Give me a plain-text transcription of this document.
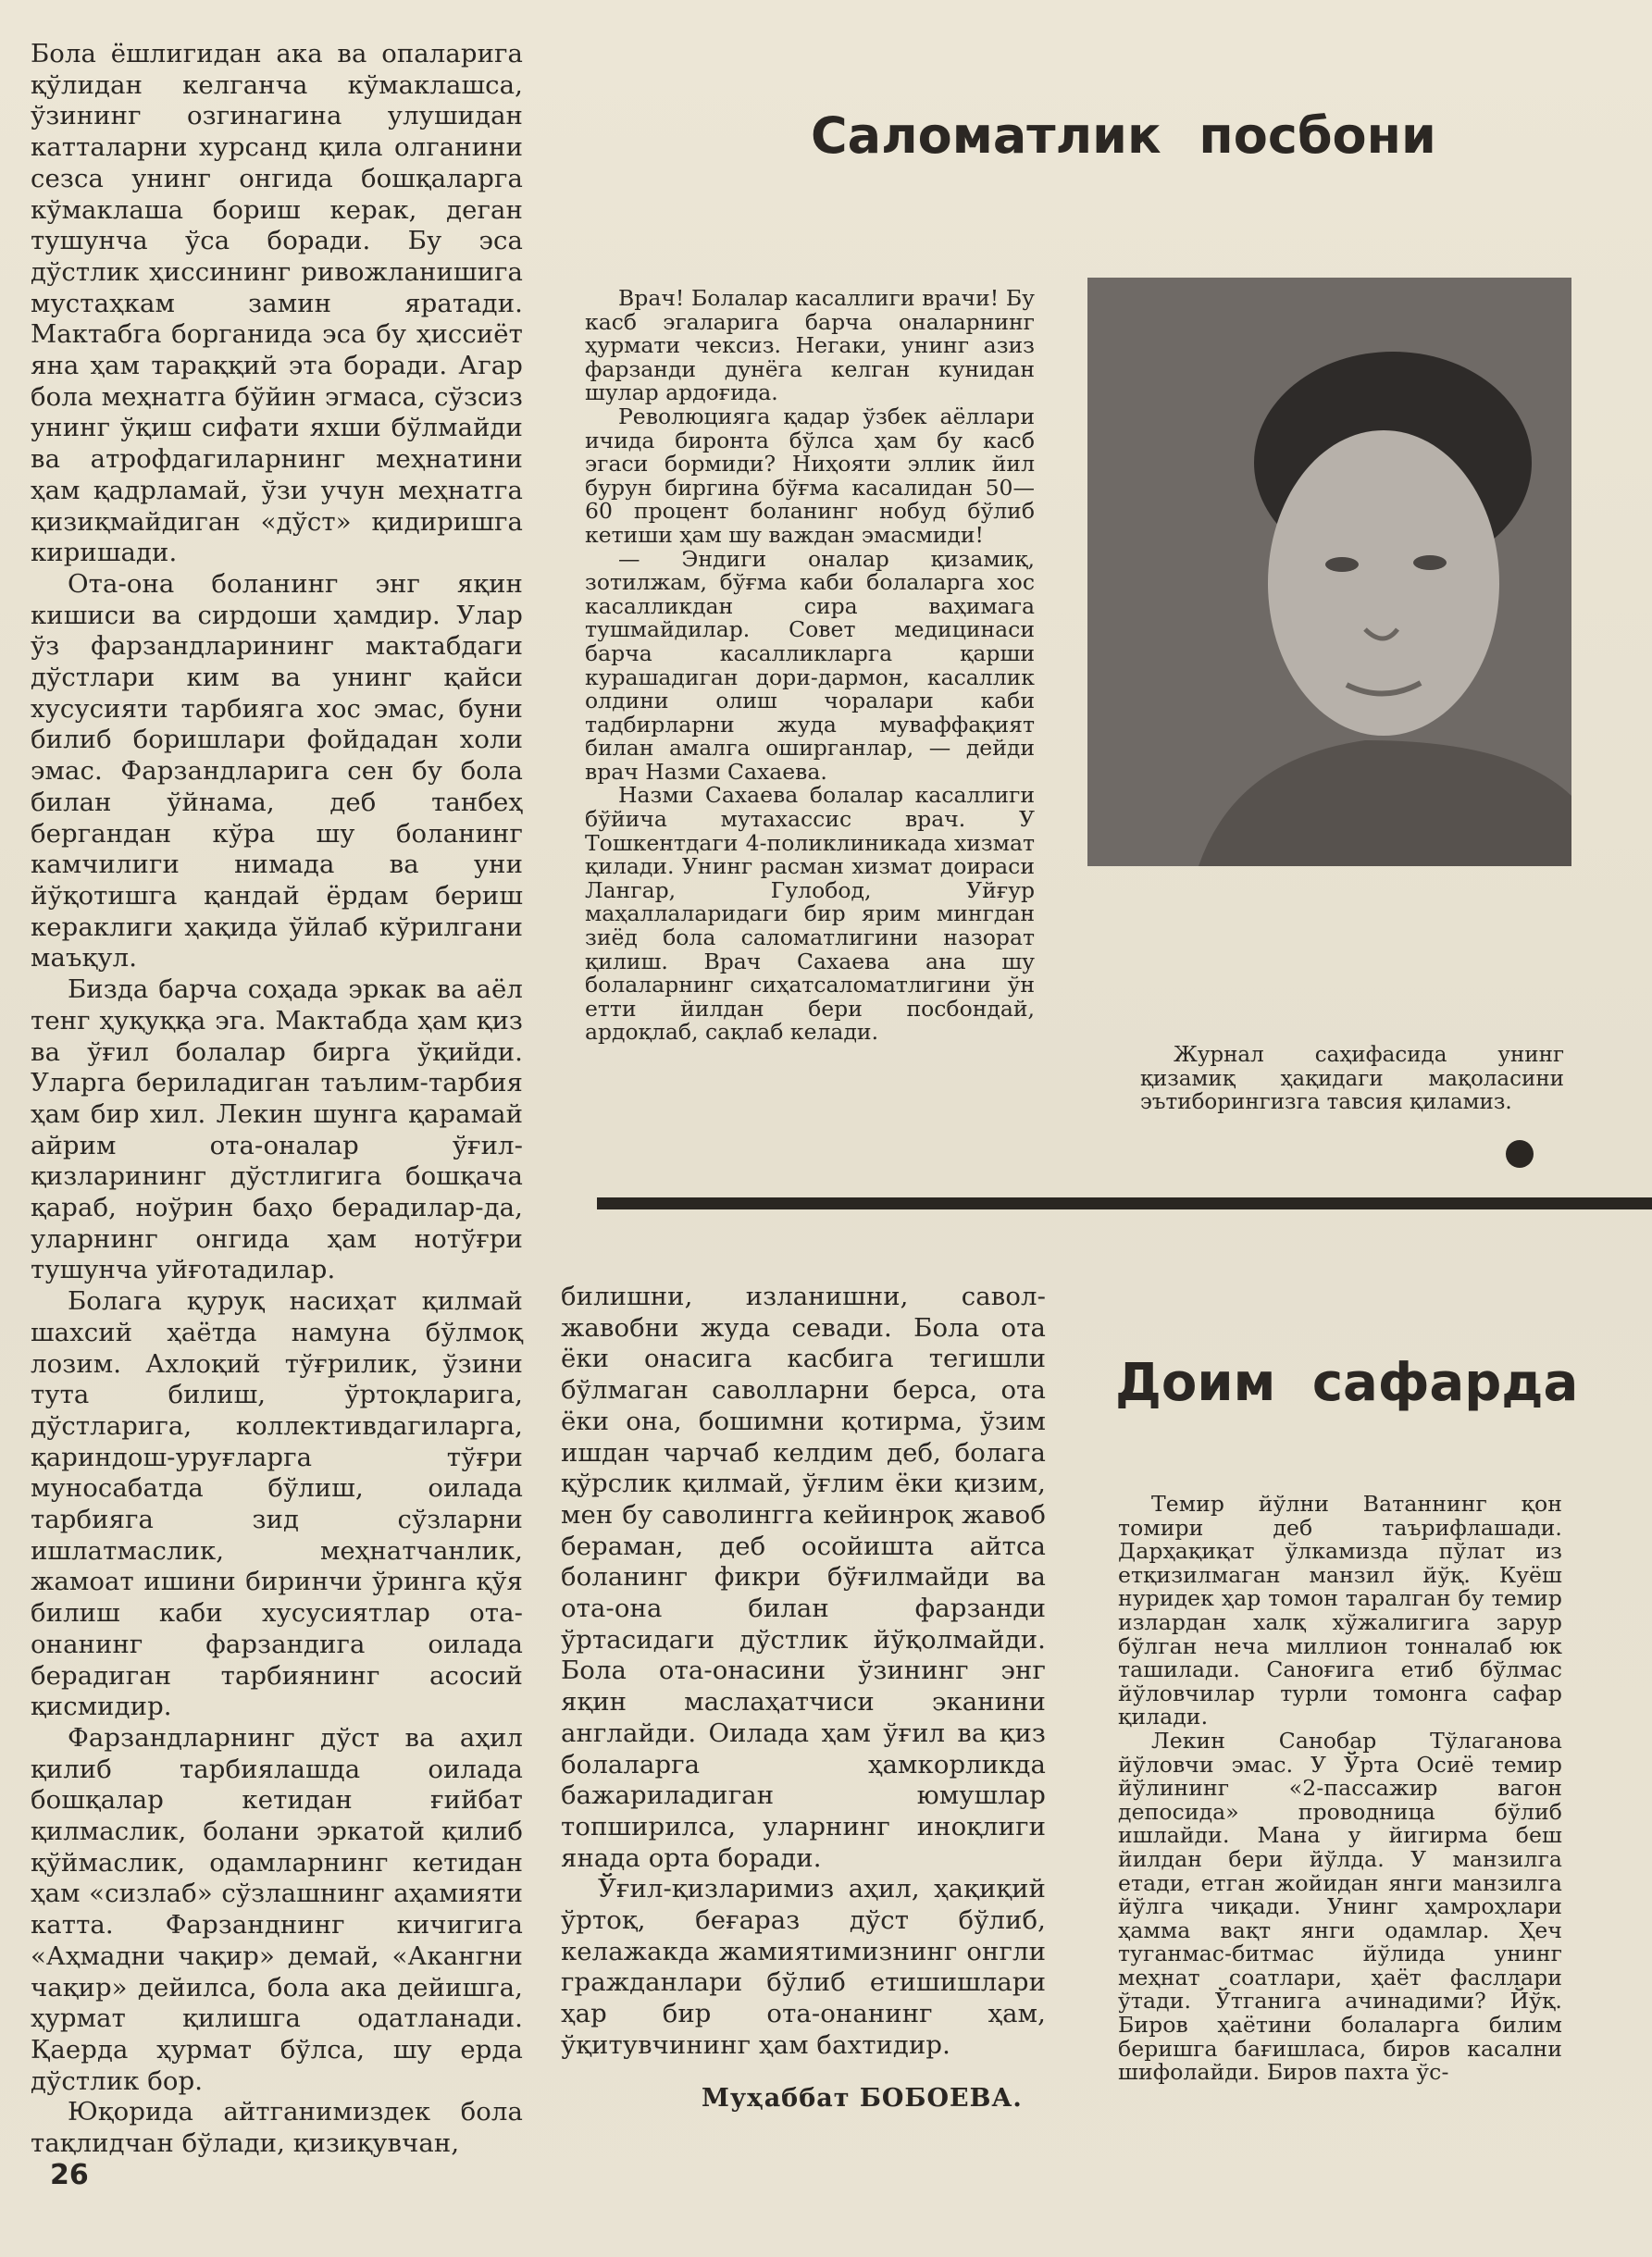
Бола ёшлигидан ака ва опаларига қўлидан келганча кўмаклашса, ўзининг озгинагина улушидан катталарни хурсанд қила олганини сезса унинг онгида бошқаларга кўмаклаша бориш керак, деган тушунча ўса боради. Бу эса дўстлик ҳиссининг ривожланишига мустаҳкам замин яратади. Мактабга борганида эса бу ҳиссиёт яна ҳам тараққий эта боради. Агар бола меҳнатга бўйин эгмаса, сўзсиз унинг ўқиш сифати яхши бўлмайди ва атрофдагиларнинг меҳнатини ҳам қадрламай, ўзи учун меҳнатга қизиқмайдиган «дўст» қидиришга киришади.

Ота-она боланинг энг яқин кишиси ва сирдоши ҳамдир. Улар ўз фарзандларининг мактабдаги дўстлари ким ва унинг қайси хусусияти тарбияга хос эмас, буни билиб боришлари фойдадан холи эмас. Фарзандларига сен бу бола билан ўйнама, деб танбеҳ бергандан кўра шу боланинг камчилиги нимада ва уни йўқотишга қандай ёрдам бериш кераклиги ҳақида ўйлаб кўрилгани маъқул.

Бизда барча соҳада эркак ва аёл тенг ҳуқуққа эга. Мактабда ҳам қиз ва ўғил болалар бирга ўқийди. Уларга бериладиган таълим-тарбия ҳам бир хил. Лекин шунга қарамай айрим ота-оналар ўғил-қизларининг дўстлигига бошқача қараб, ноўрин баҳо берадилар-да, уларнинг онгида ҳам нотўғри тушунча уйғотадилар.

Болага қуруқ насиҳат қилмай шахсий ҳаётда намуна бўлмоқ лозим. Ахлоқий тўғрилик, ўзини тута билиш, ўртоқларига, дўстларига, коллективдагиларга, қариндош-уруғларга тўғри муносабатда бўлиш, оилада тарбияга зид сўзларни ишлатмаслик, меҳнатчанлик, жамоат ишини биринчи ўринга қўя билиш каби хусусиятлар ота-онанинг фарзандига оилада берадиган тарбиянинг асосий қисмидир.

Фарзандларнинг дўст ва аҳил қилиб тарбиялашда оилада бошқалар кетидан ғийбат қилмаслик, болани эркатой қилиб қўймаслик, одамларнинг кетидан ҳам «сизлаб» сўзлашнинг аҳамияти катта. Фарзанднинг кичигига «Аҳмадни чақир» демай, «Акангни чақир» дейилса, бола ака дейишга, ҳурмат қилишга одатланади. Қаерда ҳурмат бўлса, шу ерда дўстлик бор.

Юқорида айтганимиздек бола тақлидчан бўлади, қизиқувчан,

Саломатлик посбони

Врач! Болалар касаллиги врачи! Бу касб эгаларига барча оналарнинг ҳурмати чексиз. Негаки, унинг азиз фарзанди дунёга келган кунидан шулар ардоғида.

Революцияга қадар ўзбек аёллари ичида биронта бўлса ҳам бу касб эгаси бормиди? Ниҳояти эллик йил бурун биргина бўғма касалидан 50—60 процент боланинг нобуд бўлиб кетиши ҳам шу важдан эмасмиди!

— Эндиги оналар қизамиқ, зотилжам, бўғма каби болаларга хос касалликдан сира ваҳимага тушмайдилар. Совет медицинаси барча касалликларга қарши курашадиган дори-дармон, касаллик олдини олиш чоралари каби тадбирларни жуда муваффақият билан амалга оширганлар, — дейди врач Назми Сахаева.

Назми Сахаева болалар касаллиги бўйича мутахассис врач. У Тошкентдаги 4-поликлиникада хизмат қилади. Унинг расман хизмат доираси Лангар, Гулобод, Уйғур маҳаллаларидаги бир ярим мингдан зиёд бола саломатлигини назорат қилиш. Врач Сахаева ана шу болаларнинг сиҳатсаломатлигини ўн етти йилдан бери посбондай, ардоқлаб, сақлаб келади.

Журнал саҳифасида унинг қизамиқ ҳақидаги мақоласини эътиборингизга тавсия қиламиз.

билишни, изланишни, савол-жавобни жуда севади. Бола ота ёки онасига касбига тегишли бўлмаган саволларни берса, ота ёки она, бошимни қотирма, ўзим ишдан чарчаб келдим деб, болага қўрслик қилмай, ўғлим ёки қизим, мен бу саволингга кейинроқ жавоб бераман, деб осойишта айтса боланинг фикри бўғилмайди ва ота-она билан фарзанди ўртасидаги дўстлик йўқолмайди. Бола ота-онасини ўзининг энг яқин маслаҳатчиси эканини англайди. Оилада ҳам ўғил ва қиз болаларга ҳамкорликда бажариладиган юмушлар топширилса, уларнинг иноқлиги янада орта боради.

Ўғил-қизларимиз аҳил, ҳақиқий ўртоқ, беғараз дўст бўлиб, келажакда жамиятимизнинг онгли гражданлари бўлиб етишишлари ҳар бир ота-онанинг ҳам, ўқитувчининг ҳам бахтидир.

Муҳаббат БОБОЕВА.
Доим сафарда

Темир йўлни Ватаннинг қон томири деб таърифлашади. Дарҳақиқат ўлкамизда пўлат из етқизилмаган манзил йўқ. Куёш нуридек ҳар томон таралган бу темир излардан халқ хўжалигига зарур бўлган неча миллион тонналаб юк ташилади. Саноғига етиб бўлмас йўловчилар турли томонга сафар қилади.

Лекин Санобар Тўлаганова йўловчи эмас. У Ўрта Осиё темир йўлининг «2-пассажир вагон депосида» проводница бўлиб ишлайди. Мана у йигирма беш йилдан бери йўлда. У манзилга етади, етган жойидан янги манзилга йўлга чиқади. Унинг ҳамроҳлари ҳамма вақт янги одамлар. Ҳеч туганмас-битмас йўлида унинг меҳнат соатлари, ҳаёт фасллари ўтади. Ўтганига ачинадими? Йўқ. Биров ҳаётини болаларга билим беришга бағишласа, биров касални шифолайди. Биров пахта ўс-

26
